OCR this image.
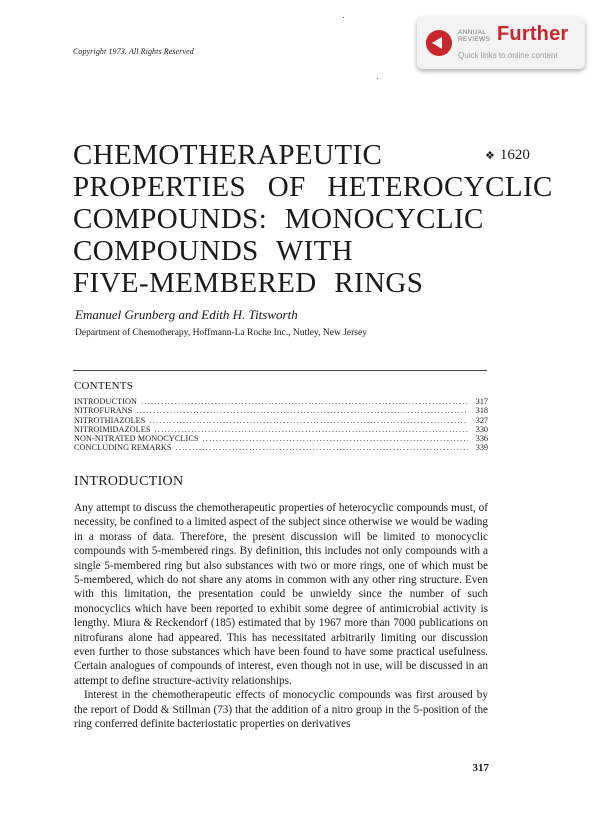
Copyright 1973. All Rights Reserved
ANNUAL
REVIEWS Further
Quick links to online content
CHEMOTHERAPEUTIC
PROPERTIES OF HETEROCYCLIC
COMPOUNDS: MONOCYCLIC
COMPOUNDS WITH
FIVE-MEMBERED RINGS
❖ 1620
Emanuel Grunberg and Edith H. Titsworth
Department of Chemotherapy, Hoffmann-La Roche Inc., Nutley, New Jersey
CONTENTS
INTRODUCTION .....	317
NITROFURANS .....	318
NITROTHIAZOLES .....	327
NITROIMIDAZOLES .....	330
NON-NITRATED MONOCYCLICS .....	336
CONCLUDING REMARKS .....	339
INTRODUCTION

Any attempt to discuss the chemotherapeutic properties of heterocyclic compounds must, of necessity, be confined to a limited aspect of the subject since otherwise we would be wading in a morass of data. Therefore, the present discussion will be limited to monocyclic compounds with 5-membered rings. By definition, this includes not only compounds with a single 5-membered ring but also substances with two or more rings, one of which must be 5-membered, which do not share any atoms in common with any other ring structure. Even with this limitation, the presentation could be unwieldy since the number of such monocyclics which have been reported to exhibit some degree of antimicrobial activity is lengthy. Miura & Reckendorf (185) estimated that by 1967 more than 7000 publications on nitrofurans alone had appeared. This has necessitated arbitrarily limiting our discussion even further to those substances which have been found to have some practical usefulness. Certain analogues of compounds of interest, even though not in use, will be discussed in an attempt to define structure-activity relationships.

Interest in the chemotherapeutic effects of monocyclic compounds was first aroused by the report of Dodd & Stillman (73) that the addition of a nitro group in the 5-position of the ring conferred definite bacteriostatic properties on derivatives

317
